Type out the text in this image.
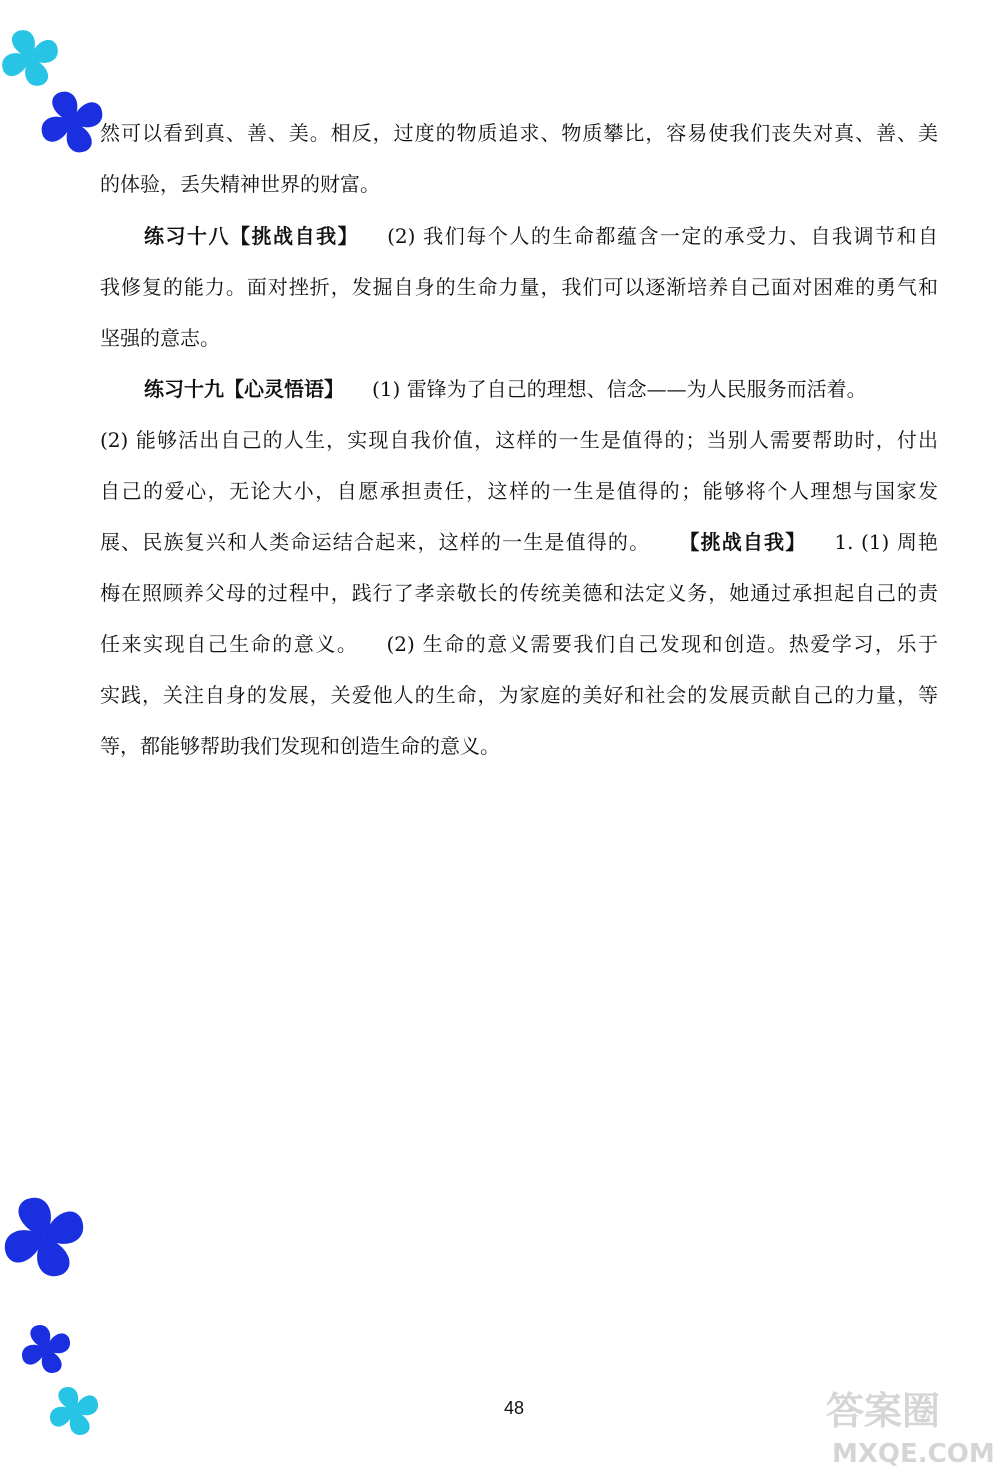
然可以看到真、善、美。相反，过度的物质追求、物质攀比，容易使我们丧失对真、善、美
的体验，丢失精神世界的财富。
练习十八【挑战自我】 (2) 我们每个人的生命都蕴含一定的承受力、自我调节和自
我修复的能力。面对挫折，发掘自身的生命力量，我们可以逐渐培养自己面对困难的勇气和
坚强的意志。
练习十九【心灵悟语】 (1) 雷锋为了自己的理想、信念——为人民服务而活着。
(2) 能够活出自己的人生，实现自我价值，这样的一生是值得的；当别人需要帮助时，付出
自己的爱心，无论大小，自愿承担责任，这样的一生是值得的；能够将个人理想与国家发
展、民族复兴和人类命运结合起来，这样的一生是值得的。 【挑战自我】 1. (1) 周艳
梅在照顾养父母的过程中，践行了孝亲敬长的传统美德和法定义务，她通过承担起自己的责
任来实现自己生命的意义。 (2) 生命的意义需要我们自己发现和创造。热爱学习，乐于
实践，关注自身的发展，关爱他人的生命，为家庭的美好和社会的发展贡献自己的力量，等
等，都能够帮助我们发现和创造生命的意义。
48	答案圈
MXQE.COM
